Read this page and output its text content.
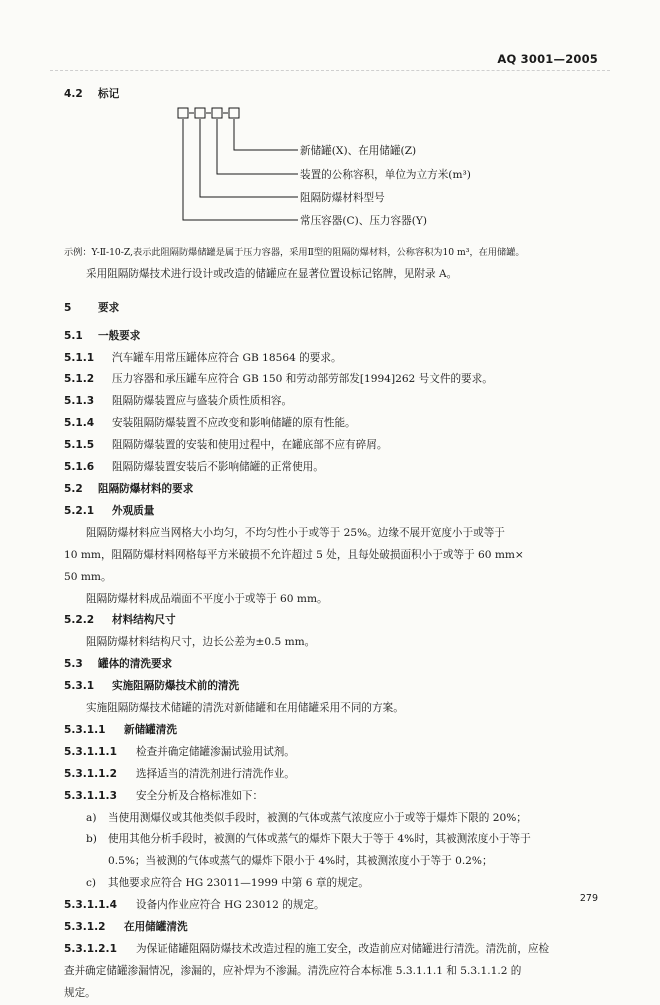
AQ 3001—2005
4.2 标记
新储罐(X)、在用储罐(Z)
装置的公称容积，单位为立方米(m³)
阻隔防爆材料型号
常压容器(C)、压力容器(Y)
示例：Y-Ⅱ-10-Z,表示此阻隔防爆储罐是属于压力容器，采用Ⅱ型的阻隔防爆材料，公称容积为10 m³，在用储罐。
采用阻隔防爆技术进行设计或改造的储罐应在显著位置设标记铭牌，见附录 A。
5	要求
5.1 一般要求
5.1.1 汽车罐车用常压罐体应符合 GB 18564 的要求。
5.1.2 压力容器和承压罐车应符合 GB 150 和劳动部劳部发[1994]262 号文件的要求。
5.1.3 阻隔防爆装置应与盛装介质性质相容。
5.1.4 安装阻隔防爆装置不应改变和影响储罐的原有性能。
5.1.5 阻隔防爆装置的安装和使用过程中，在罐底部不应有碎屑。
5.1.6 阻隔防爆装置安装后不影响储罐的正常使用。
5.2 阻隔防爆材料的要求
5.2.1 外观质量
阻隔防爆材料应当网格大小均匀，不均匀性小于或等于 25%。边缘不展开宽度小于或等于
10 mm，阻隔防爆材料网格每平方米破损不允许超过 5 处，且每处破损面积小于或等于 60 mm×
50 mm。
阻隔防爆材料成品端面不平度小于或等于 60 mm。
5.2.2 材料结构尺寸
阻隔防爆材料结构尺寸，边长公差为±0.5 mm。
5.3 罐体的清洗要求
5.3.1 实施阻隔防爆技术前的清洗
实施阻隔防爆技术储罐的清洗对新储罐和在用储罐采用不同的方案。
5.3.1.1 新储罐清洗
5.3.1.1.1 检查并确定储罐渗漏试验用试剂。
5.3.1.1.2 选择适当的清洗剂进行清洗作业。
5.3.1.1.3 安全分析及合格标准如下：
a) 当使用测爆仪或其他类似手段时，被测的气体或蒸气浓度应小于或等于爆炸下限的 20%；
b) 使用其他分析手段时，被测的气体或蒸气的爆炸下限大于等于 4%时，其被测浓度小于等于
0.5%；当被测的气体或蒸气的爆炸下限小于 4%时，其被测浓度小于等于 0.2%；
c) 其他要求应符合 HG 23011—1999 中第 6 章的规定。
5.3.1.1.4 设备内作业应符合 HG 23012 的规定。
5.3.1.2 在用储罐清洗
5.3.1.2.1 为保证储罐阻隔防爆技术改造过程的施工安全，改造前应对储罐进行清洗。清洗前，应检
查并确定储罐渗漏情况，渗漏的，应补焊为不渗漏。清洗应符合本标准 5.3.1.1.1 和 5.3.1.1.2 的
规定。
279
